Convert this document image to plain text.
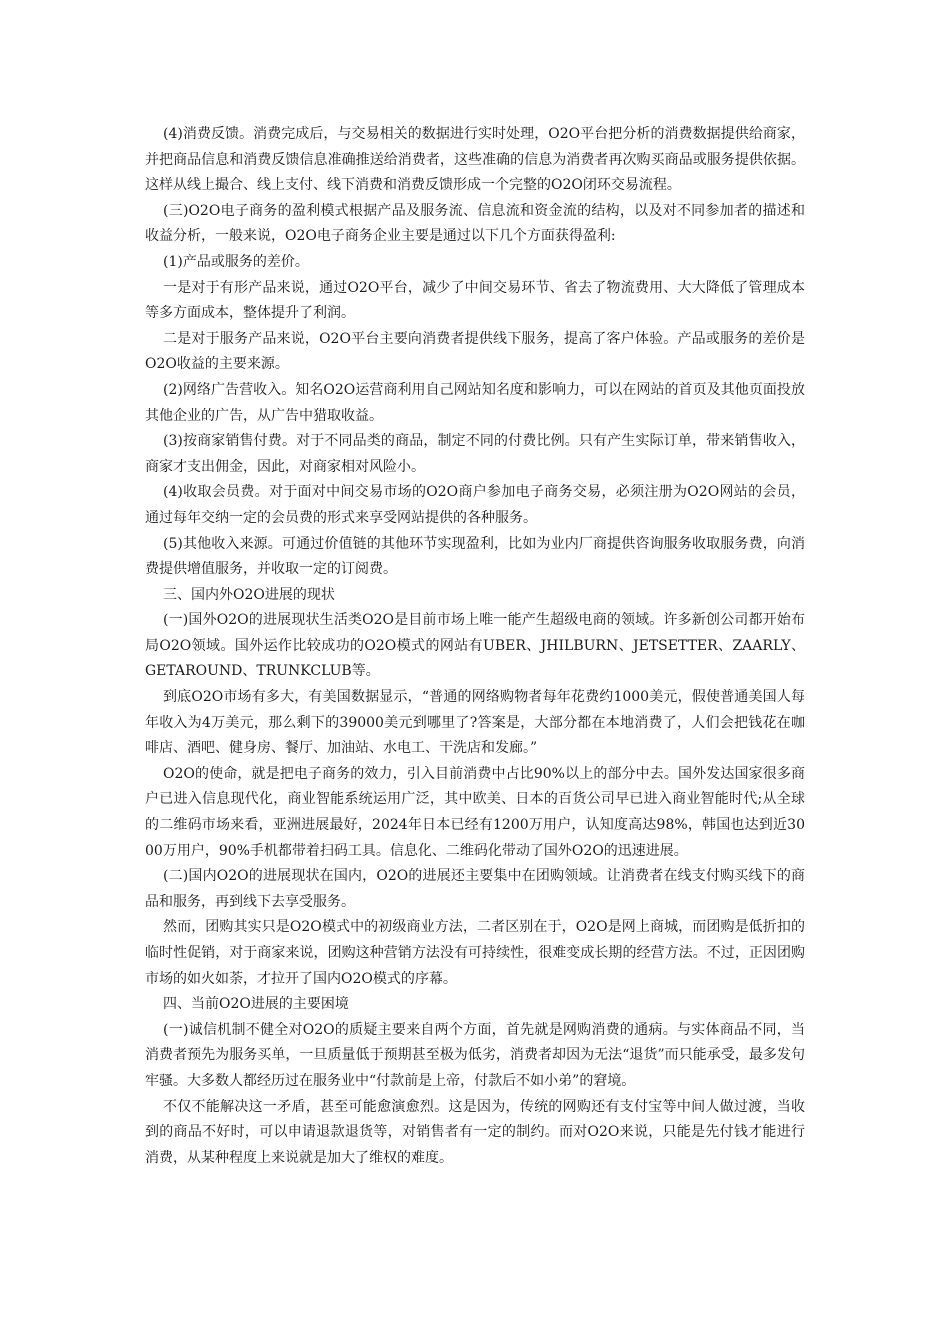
(4)消费反馈。消费完成后，与交易相关的数据进行实时处理，O2O平台把分析的消费数据提供给商家，并把商品信息和消费反馈信息准确推送给消费者，这些准确的信息为消费者再次购买商品或服务提供依据。这样从线上撮合、线上支付、线下消费和消费反馈形成一个完整的O2O闭环交易流程。

(三)O2O电子商务的盈利模式根据产品及服务流、信息流和资金流的结构，以及对不同参加者的描述和收益分析，一般来说，O2O电子商务企业主要是通过以下几个方面获得盈利:

(1)产品或服务的差价。

一是对于有形产品来说，通过O2O平台，减少了中间交易环节、省去了物流费用、大大降低了管理成本等多方面成本，整体提升了利润。

二是对于服务产品来说，O2O平台主要向消费者提供线下服务，提高了客户体验。产品或服务的差价是O2O收益的主要来源。

(2)网络广告营收入。知名O2O运营商利用自己网站知名度和影响力，可以在网站的首页及其他页面投放其他企业的广告，从广告中猎取收益。

(3)按商家销售付费。对于不同品类的商品，制定不同的付费比例。只有产生实际订单，带来销售收入，商家才支出佣金，因此，对商家相对风险小。

(4)收取会员费。对于面对中间交易市场的O2O商户参加电子商务交易，必须注册为O2O网站的会员，通过每年交纳一定的会员费的形式来享受网站提供的各种服务。

(5)其他收入来源。可通过价值链的其他环节实现盈利，比如为业内厂商提供咨询服务收取服务费，向消费提供增值服务，并收取一定的订阅费。

三、国内外O2O进展的现状

(一)国外O2O的进展现状生活类O2O是目前市场上唯一能产生超级电商的领域。许多新创公司都开始布局O2O领域。国外运作比较成功的O2O模式的网站有UBER、JHILBURN、JETSETTER、ZAARLY、GETAROUND、TRUNKCLUB等。

到底O2O市场有多大，有美国数据显示，“普通的网络购物者每年花费约1000美元，假使普通美国人每年收入为4万美元，那么剩下的39000美元到哪里了?答案是，大部分都在本地消费了，人们会把钱花在咖啡店、酒吧、健身房、餐厅、加油站、水电工、干洗店和发廊。”

O2O的使命，就是把电子商务的效力，引入目前消费中占比90%以上的部分中去。国外发达国家很多商户已进入信息现代化，商业智能系统运用广泛，其中欧美、日本的百货公司早已进入商业智能时代;从全球的二维码市场来看，亚洲进展最好，2024年日本已经有1200万用户，认知度高达98%，韩国也达到近3000万用户，90%手机都带着扫码工具。信息化、二维码化带动了国外O2O的迅速进展。

(二)国内O2O的进展现状在国内，O2O的进展还主要集中在团购领域。让消费者在线支付购买线下的商品和服务，再到线下去享受服务。

然而，团购其实只是O2O模式中的初级商业方法，二者区别在于，O2O是网上商城，而团购是低折扣的临时性促销，对于商家来说，团购这种营销方法没有可持续性，很难变成长期的经营方法。不过，正因团购市场的如火如荼，才拉开了国内O2O模式的序幕。

四、当前O2O进展的主要困境

(一)诚信机制不健全对O2O的质疑主要来自两个方面，首先就是网购消费的通病。与实体商品不同，当消费者预先为服务买单，一旦质量低于预期甚至极为低劣，消费者却因为无法“退货”而只能承受，最多发句牢骚。大多数人都经历过在服务业中“付款前是上帝，付款后不如小弟”的窘境。

不仅不能解决这一矛盾，甚至可能愈演愈烈。这是因为，传统的网购还有支付宝等中间人做过渡，当收到的商品不好时，可以申请退款退货等，对销售者有一定的制约。而对O2O来说，只能是先付钱才能进行消费，从某种程度上来说就是加大了维权的难度。
